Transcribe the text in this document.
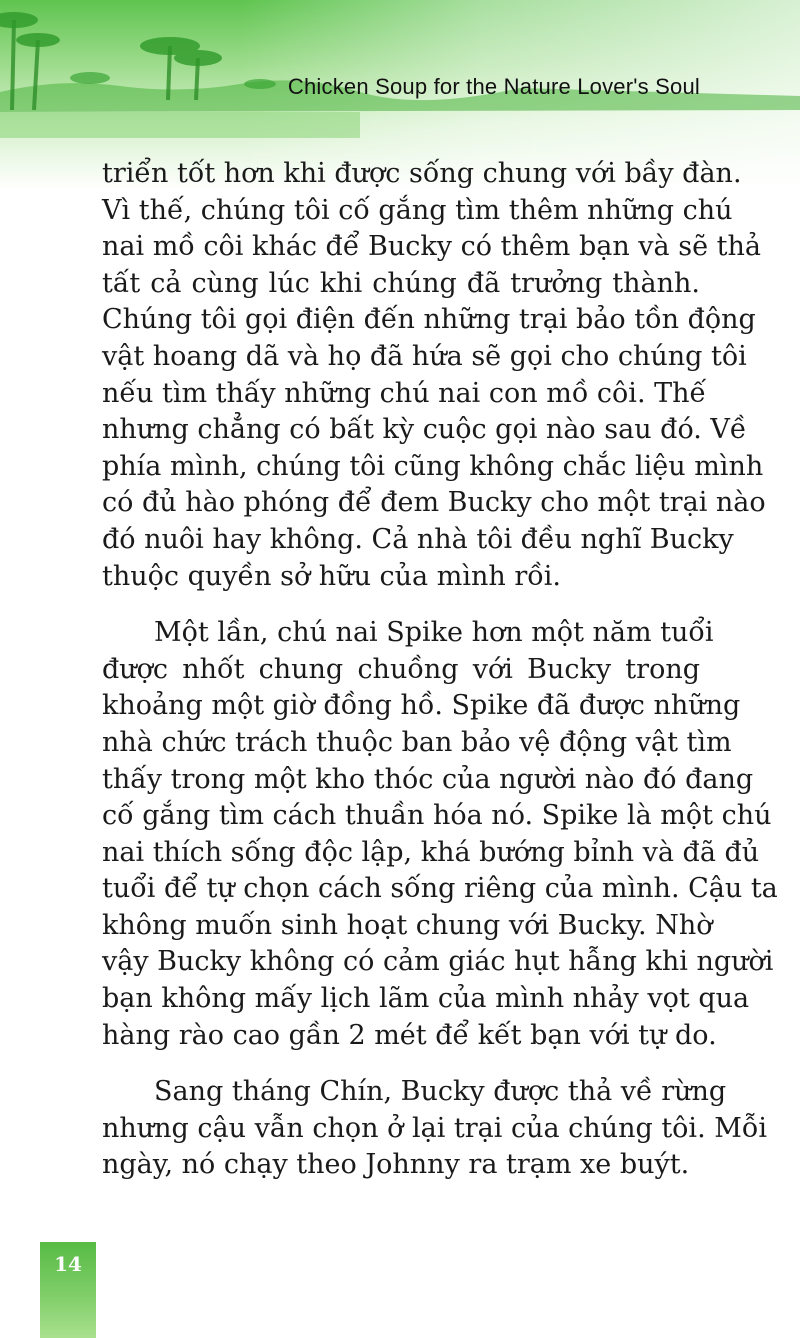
Chicken Soup for the Nature Lover's Soul

triển tốt hơn khi được sống chung với bầy đàn.
Vì thế, chúng tôi cố gắng tìm thêm những chú
nai mồ côi khác để Bucky có thêm bạn và sẽ thả
tất cả cùng lúc khi chúng đã trưởng thành.
Chúng tôi gọi điện đến những trại bảo tồn động
vật hoang dã và họ đã hứa sẽ gọi cho chúng tôi
nếu tìm thấy những chú nai con mồ côi. Thế
nhưng chẳng có bất kỳ cuộc gọi nào sau đó. Về
phía mình, chúng tôi cũng không chắc liệu mình
có đủ hào phóng để đem Bucky cho một trại nào
đó nuôi hay không. Cả nhà tôi đều nghĩ Bucky
thuộc quyền sở hữu của mình rồi.

Một lần, chú nai Spike hơn một năm tuổi
được nhốt chung chuồng với Bucky trong
khoảng một giờ đồng hồ. Spike đã được những
nhà chức trách thuộc ban bảo vệ động vật tìm
thấy trong một kho thóc của người nào đó đang
cố gắng tìm cách thuần hóa nó. Spike là một chú
nai thích sống độc lập, khá bướng bỉnh và đã đủ
tuổi để tự chọn cách sống riêng của mình. Cậu ta
không muốn sinh hoạt chung với Bucky. Nhờ
vậy Bucky không có cảm giác hụt hẫng khi người
bạn không mấy lịch lãm của mình nhảy vọt qua
hàng rào cao gần 2 mét để kết bạn với tự do.

Sang tháng Chín, Bucky được thả về rừng
nhưng cậu vẫn chọn ở lại trại của chúng tôi. Mỗi
ngày, nó chạy theo Johnny ra trạm xe buýt.

14
